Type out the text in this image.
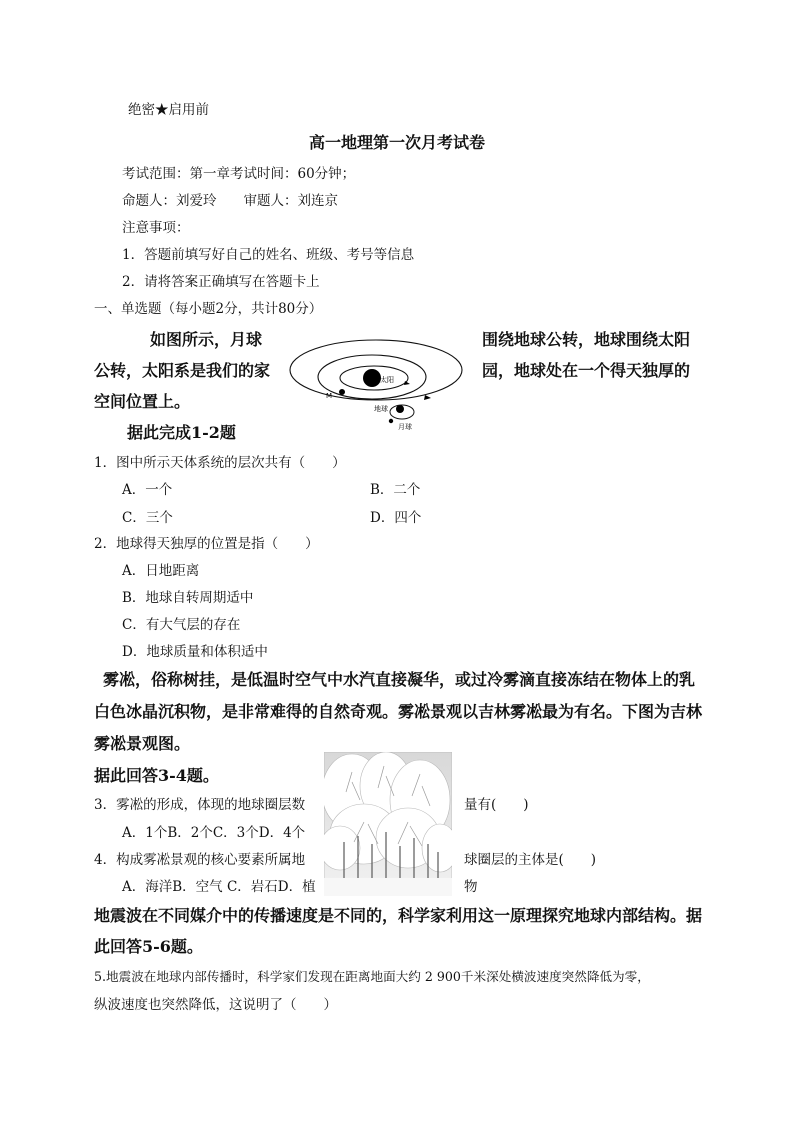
绝密★启用前
高一地理第一次月考试卷
考试范围：第一章考试时间：60分钟；
命题人：刘爱玲　　审题人：刘连京
注意事项：
1．答题前填写好自己的姓名、班级、考号等信息
2．请将答案正确填写在答题卡上
一、单选题（每小题2分，共计80分）
如图所示，月球	围绕地球公转，地球围绕太阳
公转，太阳系是我们的家	园，地球处在一个得天独厚的
空间位置上。
据此完成1-2题
太阳
M
地球
月球
1．图中所示天体系统的层次共有（　　）
A．一个	B．二个
C．三个	D．四个
2．地球得天独厚的位置是指（　　）
A．日地距离
B．地球自转周期适中
C．有大气层的存在
D．地球质量和体积适中
雾凇，俗称树挂，是低温时空气中水汽直接凝华，或过冷雾滴直接冻结在物体上的乳
白色冰晶沉积物，是非常难得的自然奇观。雾凇景观以吉林雾凇最为有名。下图为吉林
雾凇景观图。
据此回答3-4题。
3．雾凇的形成，体现的地球圈层数	量有(　　)
A．1个B．2个C．3个D．4个
4．构成雾凇景观的核心要素所属地	球圈层的主体是(　　)
A．海洋B．空气 C．岩石D．植	物
地震波在不同媒介中的传播速度是不同的，科学家利用这一原理探究地球内部结构。据
此回答5-6题。
5.地震波在地球内部传播时，科学家们发现在距离地面大约 2 900千米深处横波速度突然降低为零，
纵波速度也突然降低，这说明了（　　）
